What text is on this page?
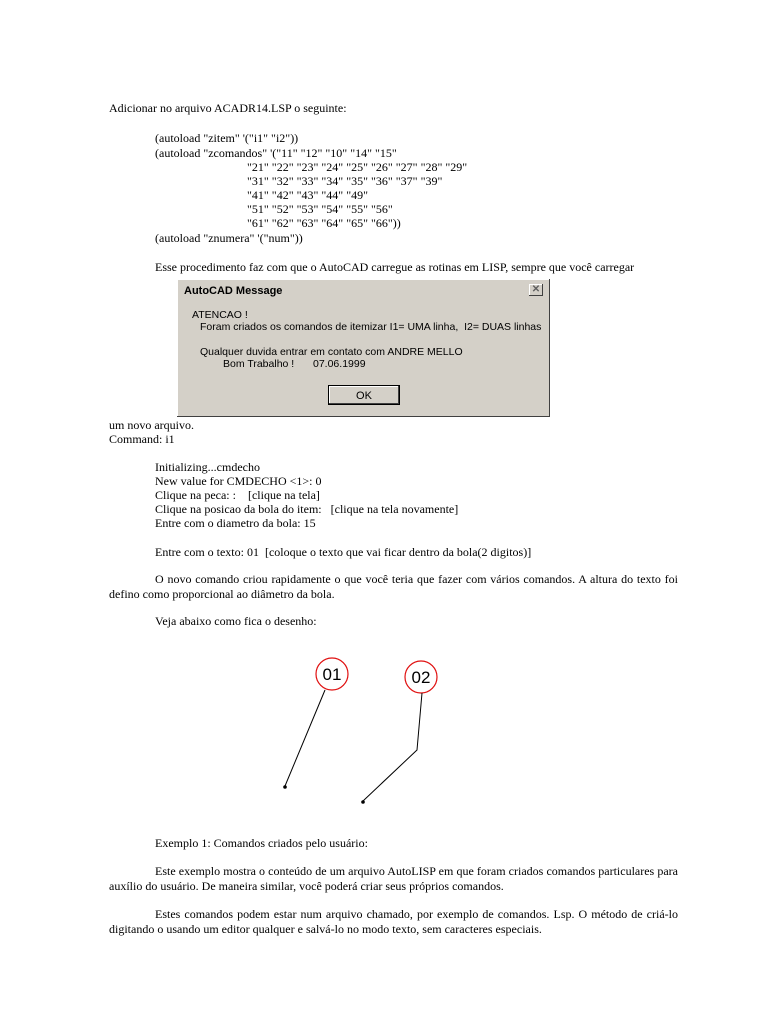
Adicionar no arquivo ACADR14.LSP o seguinte:
(autoload "zitem" '("i1" "i2"))
(autoload "zcomandos" '("11" "12" "10" "14" "15"
"21" "22" "23" "24" "25" "26" "27" "28" "29"
"31" "32" "33" "34" "35" "36" "37" "39"
"41" "42" "43" "44" "49"
"51" "52" "53" "54" "55" "56"
"61" "62" "63" "64" "65" "66"))
(autoload "znumera" '("num"))
Esse procedimento faz com que o AutoCAD carregue as rotinas em LISP, sempre que você carregar
AutoCAD Message	✕
ATENCAO !
Foram criados os comandos de itemizar I1= UMA linha,  I2= DUAS linhas
Qualquer duvida entrar em contato com ANDRE MELLO
Bom Trabalho ! 07.06.1999
OK
um novo arquivo.
Command: i1
Initializing...cmdecho
New value for CMDECHO <1>: 0
Clique na peca: :    [clique na tela]
Clique na posicao da bola do item:   [clique na tela novamente]
Entre com o diametro da bola: 15
Entre com o texto: 01  [coloque o texto que vai ficar dentro da bola(2 digitos)]
O novo comando criou rapidamente o que você teria que fazer com vários comandos. A altura do texto foi defino como proporcional ao diâmetro da bola.
Veja abaixo como fica o desenho:
01	02
Exemplo 1: Comandos criados pelo usuário:
Este exemplo mostra o conteúdo de um arquivo AutoLISP em que foram criados comandos particulares para auxílio do usuário. De maneira similar, você poderá criar seus próprios comandos.
Estes comandos podem estar num arquivo chamado, por exemplo de comandos. Lsp. O método de criá-lo digitando o usando um editor qualquer e salvá-lo no modo texto, sem caracteres especiais.
